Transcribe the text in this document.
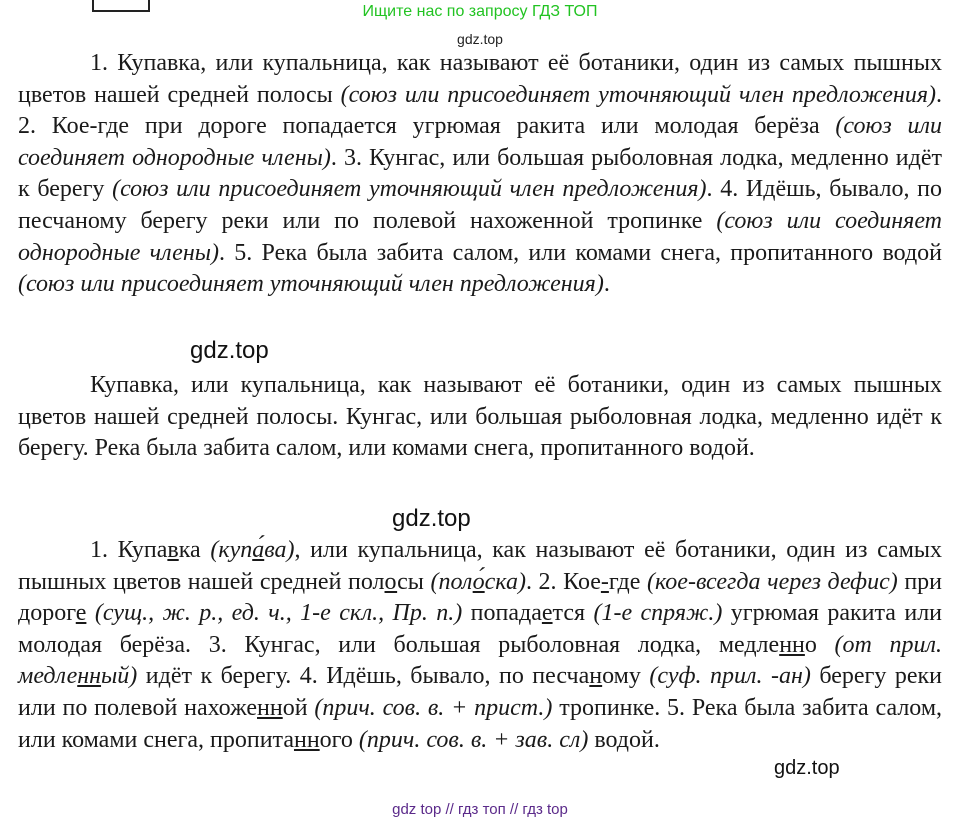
Ищите нас по запросу ГДЗ ТОП
gdz.top
1. Купавка, или купальница, как называют её ботаники, один из самых пышных цветов нашей средней полосы (союз или присоединяет уточняющий член предложения). 2. Кое-где при дороге попадается угрюмая ракита или молодая берёза (союз или соединяет однородные члены). 3. Кунгас, или большая рыболовная лодка, медленно идёт к берегу (союз или присоединяет уточняющий член предложения). 4. Идёшь, бывало, по песчаному берегу реки или по полевой нахоженной тропинке (союз или соединяет однородные члены). 5. Река была забита салом, или комами снега, пропитанного водой (союз или присоединяет уточняющий член предложения).
gdz.top
Купавка, или купальница, как называют её ботаники, один из самых пышных цветов нашей средней полосы. Кунгас, или большая рыболовная лодка, медленно идёт к берегу. Река была забита салом, или комами снега, пропитанного водой.
gdz.top
1. Купавка (купа́ва), или купальница, как называют её ботаники, один из самых пышных цветов нашей средней полосы (поло́ска). 2. Кое-где (кое-всегда через дефис) при дороге (сущ., ж. р., ед. ч., 1-е скл., Пр. п.) попадается (1-е спряж.) угрюмая ракита или молодая берёза. 3. Кунгас, или большая рыболовная лодка, медленно (от прил. медленный) идёт к берегу. 4. Идёшь, бывало, по песчаному (суф. прил. -ан) берегу реки или по полевой нахоженной (прич. сов. в. + прист.) тропинке. 5. Река была забита салом, или комами снега, пропитанного (прич. сов. в. + зав. сл) водой.
gdz.top
gdz top // гдз топ // гдз top
